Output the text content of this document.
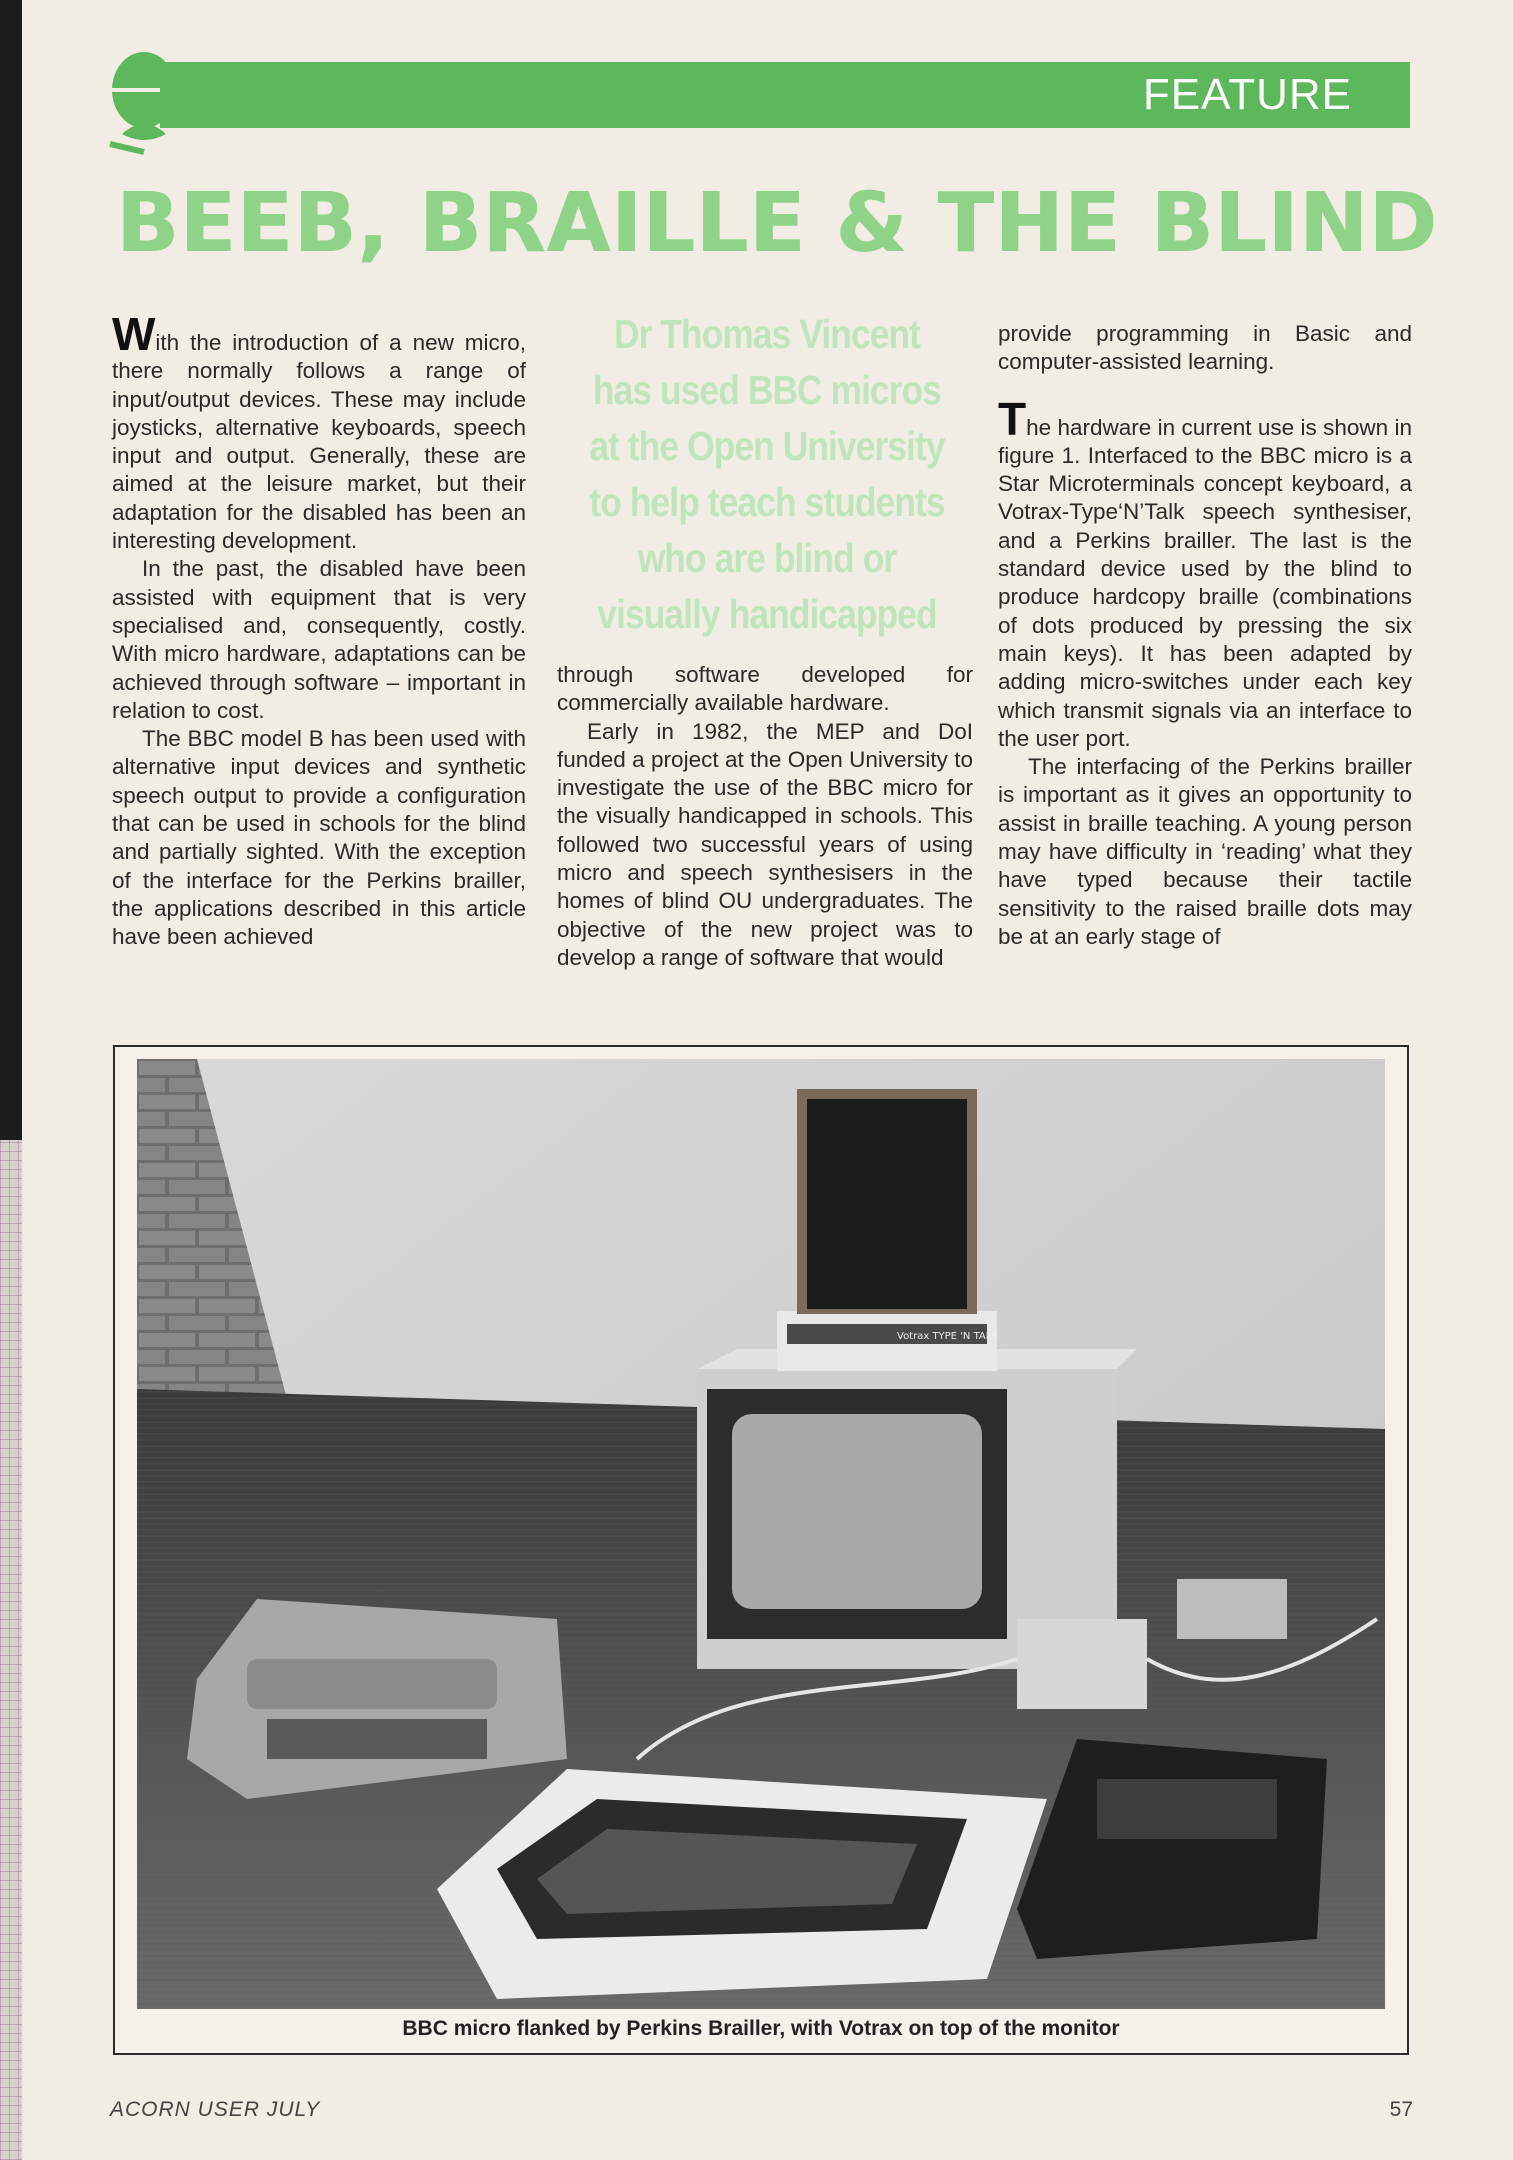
FEATURE
BEEB, BRAILLE & THE BLIND

With the introduction of a new micro, there normally follows a range of input/output devices. These may include joysticks, alternative keyboards, speech input and output. Generally, these are aimed at the leisure market, but their adaptation for the disabled has been an interesting development.

In the past, the disabled have been assisted with equipment that is very specialised and, consequently, costly. With micro hardware, adaptations can be achieved through software – important in relation to cost.

The BBC model B has been used with alternative input devices and synthetic speech output to provide a configuration that can be used in schools for the blind and partially sighted. With the exception of the interface for the Perkins brailler, the applications described in this article have been achieved

Dr Thomas Vincent has used BBC micros at the Open University to help teach students who are blind or visually handicapped

through software developed for commercially available hardware.

Early in 1982, the MEP and DoI funded a project at the Open University to investigate the use of the BBC micro for the visually handicapped in schools. This followed two successful years of using micro and speech synthesisers in the homes of blind OU undergraduates. The objective of the new project was to develop a range of software that would

provide programming in Basic and computer-assisted learning.

The hardware in current use is shown in figure 1. Interfaced to the BBC micro is a Star Microterminals concept keyboard, a Votrax-Type‘N’Talk speech synthesiser, and a Perkins brailler. The last is the standard device used by the blind to produce hardcopy braille (combinations of dots produced by pressing the six main keys). It has been adapted by adding micro-switches under each key which transmit signals via an interface to the user port.

The interfacing of the Perkins brailler is important as it gives an opportunity to assist in braille teaching. A young person may have difficulty in ‘reading’ what they have typed because their tactile sensitivity to the raised braille dots may be at an early stage of

Votrax TYPE 'N TALK
BBC micro flanked by Perkins Brailler, with Votrax on top of the monitor
ACORN USER JULY	57
